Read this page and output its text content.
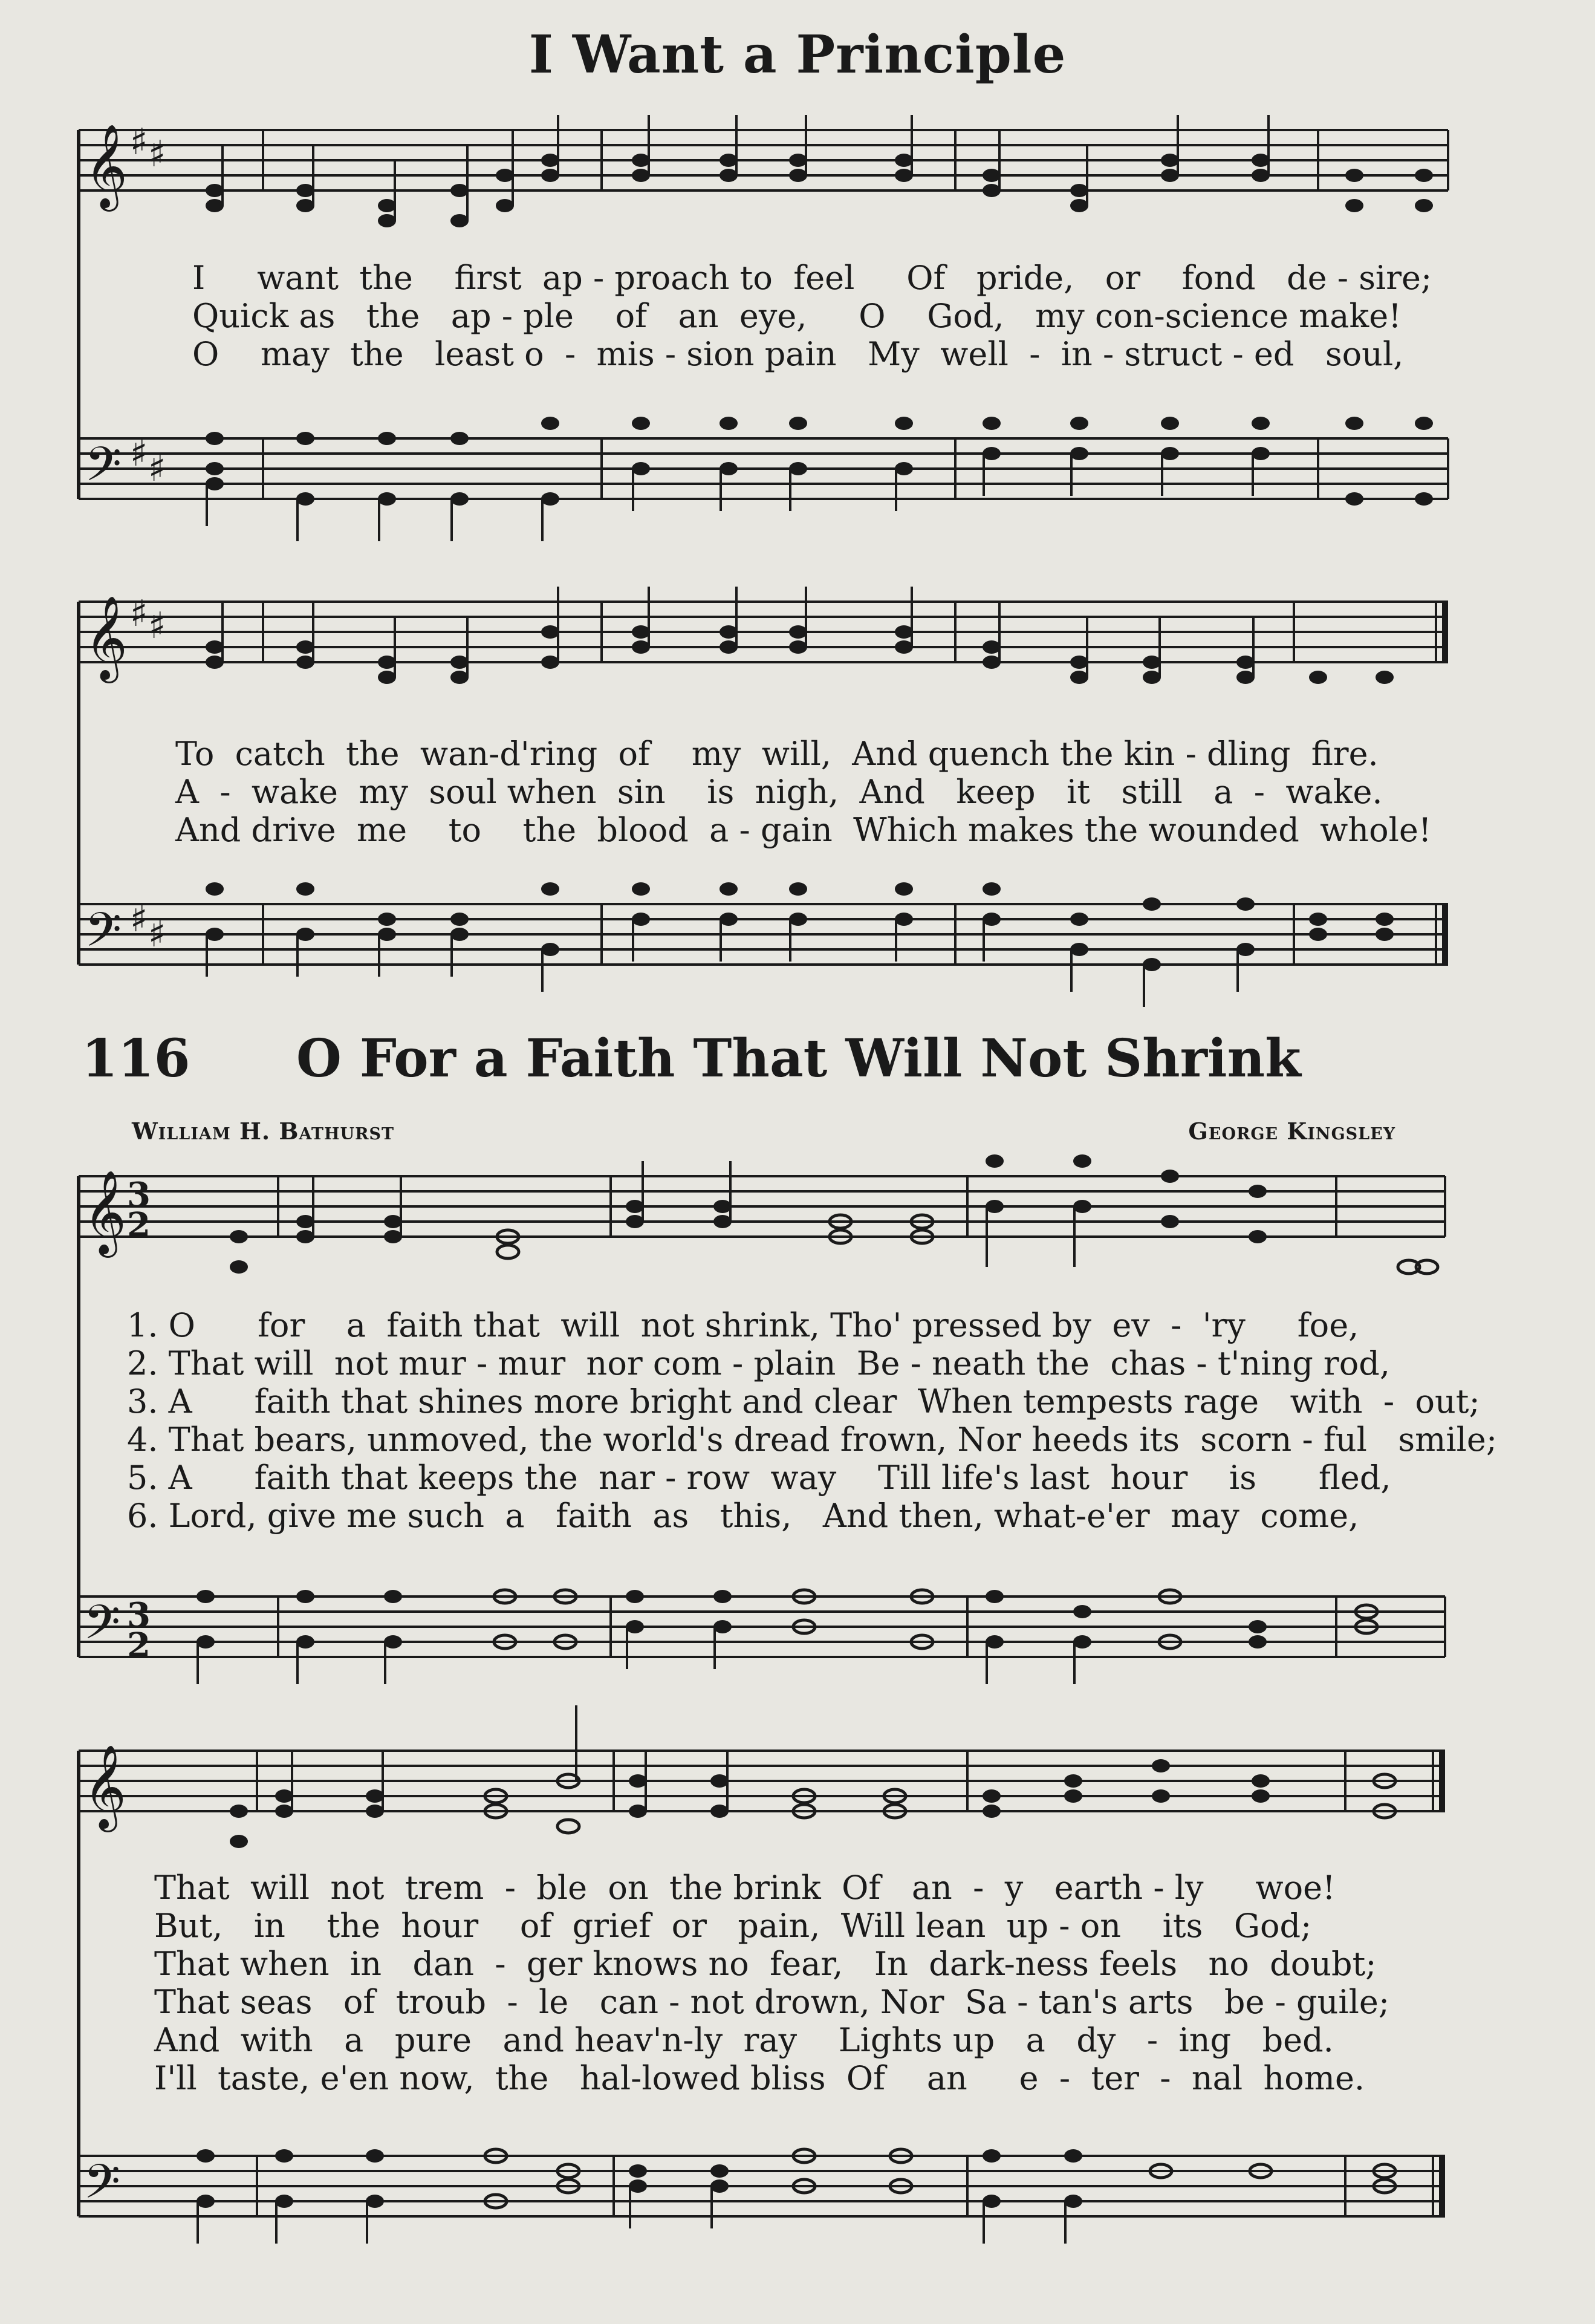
I Want a Principle
𝄞
𝄢
♯ ♯
♯ ♯
𝄞
𝄢
♯ ♯
♯ ♯
I     want  the    first  ap - proach to  feel     Of   pride,   or    fond   de - sire;
Quick as   the   ap - ple    of   an  eye,     O    God,   my con-science make!
O    may  the   least o  -  mis - sion pain   My  well  -  in - struct - ed   soul,
To  catch  the  wan-d'ring  of    my  will,  And quench the kin - dling  fire.
A  -  wake  my  soul when  sin    is  nigh,  And   keep   it   still   a  -  wake.
And drive  me    to    the  blood  a - gain  Which makes the wounded  whole!
116 O For a Faith That Will Not Shrink
William H. Bathurst	George Kingsley
𝄞
𝄢
𝄞
𝄢
3
2
3
2
1. O      for    a  faith that  will  not shrink, Tho' pressed by  ev  -  'ry     foe,
2. That will  not mur - mur  nor com - plain  Be - neath the  chas - t'ning rod,
3. A      faith that shines more bright and clear  When tempests rage   with  -  out;
4. That bears, unmoved, the world's dread frown, Nor heeds its  scorn - ful   smile;
5. A      faith that keeps the  nar - row  way    Till life's last  hour    is      fled,
6. Lord, give me such  a   faith  as   this,   And then, what-e'er  may  come,
That  will  not  trem  -  ble  on  the brink  Of   an  -  y   earth - ly     woe!
But,   in    the  hour    of  grief  or   pain,  Will lean  up - on    its   God;
That when  in   dan  -  ger knows no  fear,   In  dark-ness feels   no  doubt;
That seas   of  troub  -  le   can - not drown, Nor  Sa - tan's arts   be - guile;
And  with   a   pure   and heav'n-ly  ray    Lights up   a   dy   -  ing   bed.
I'll  taste, e'en now,  the   hal-lowed bliss  Of    an     e  -  ter  -  nal  home.
